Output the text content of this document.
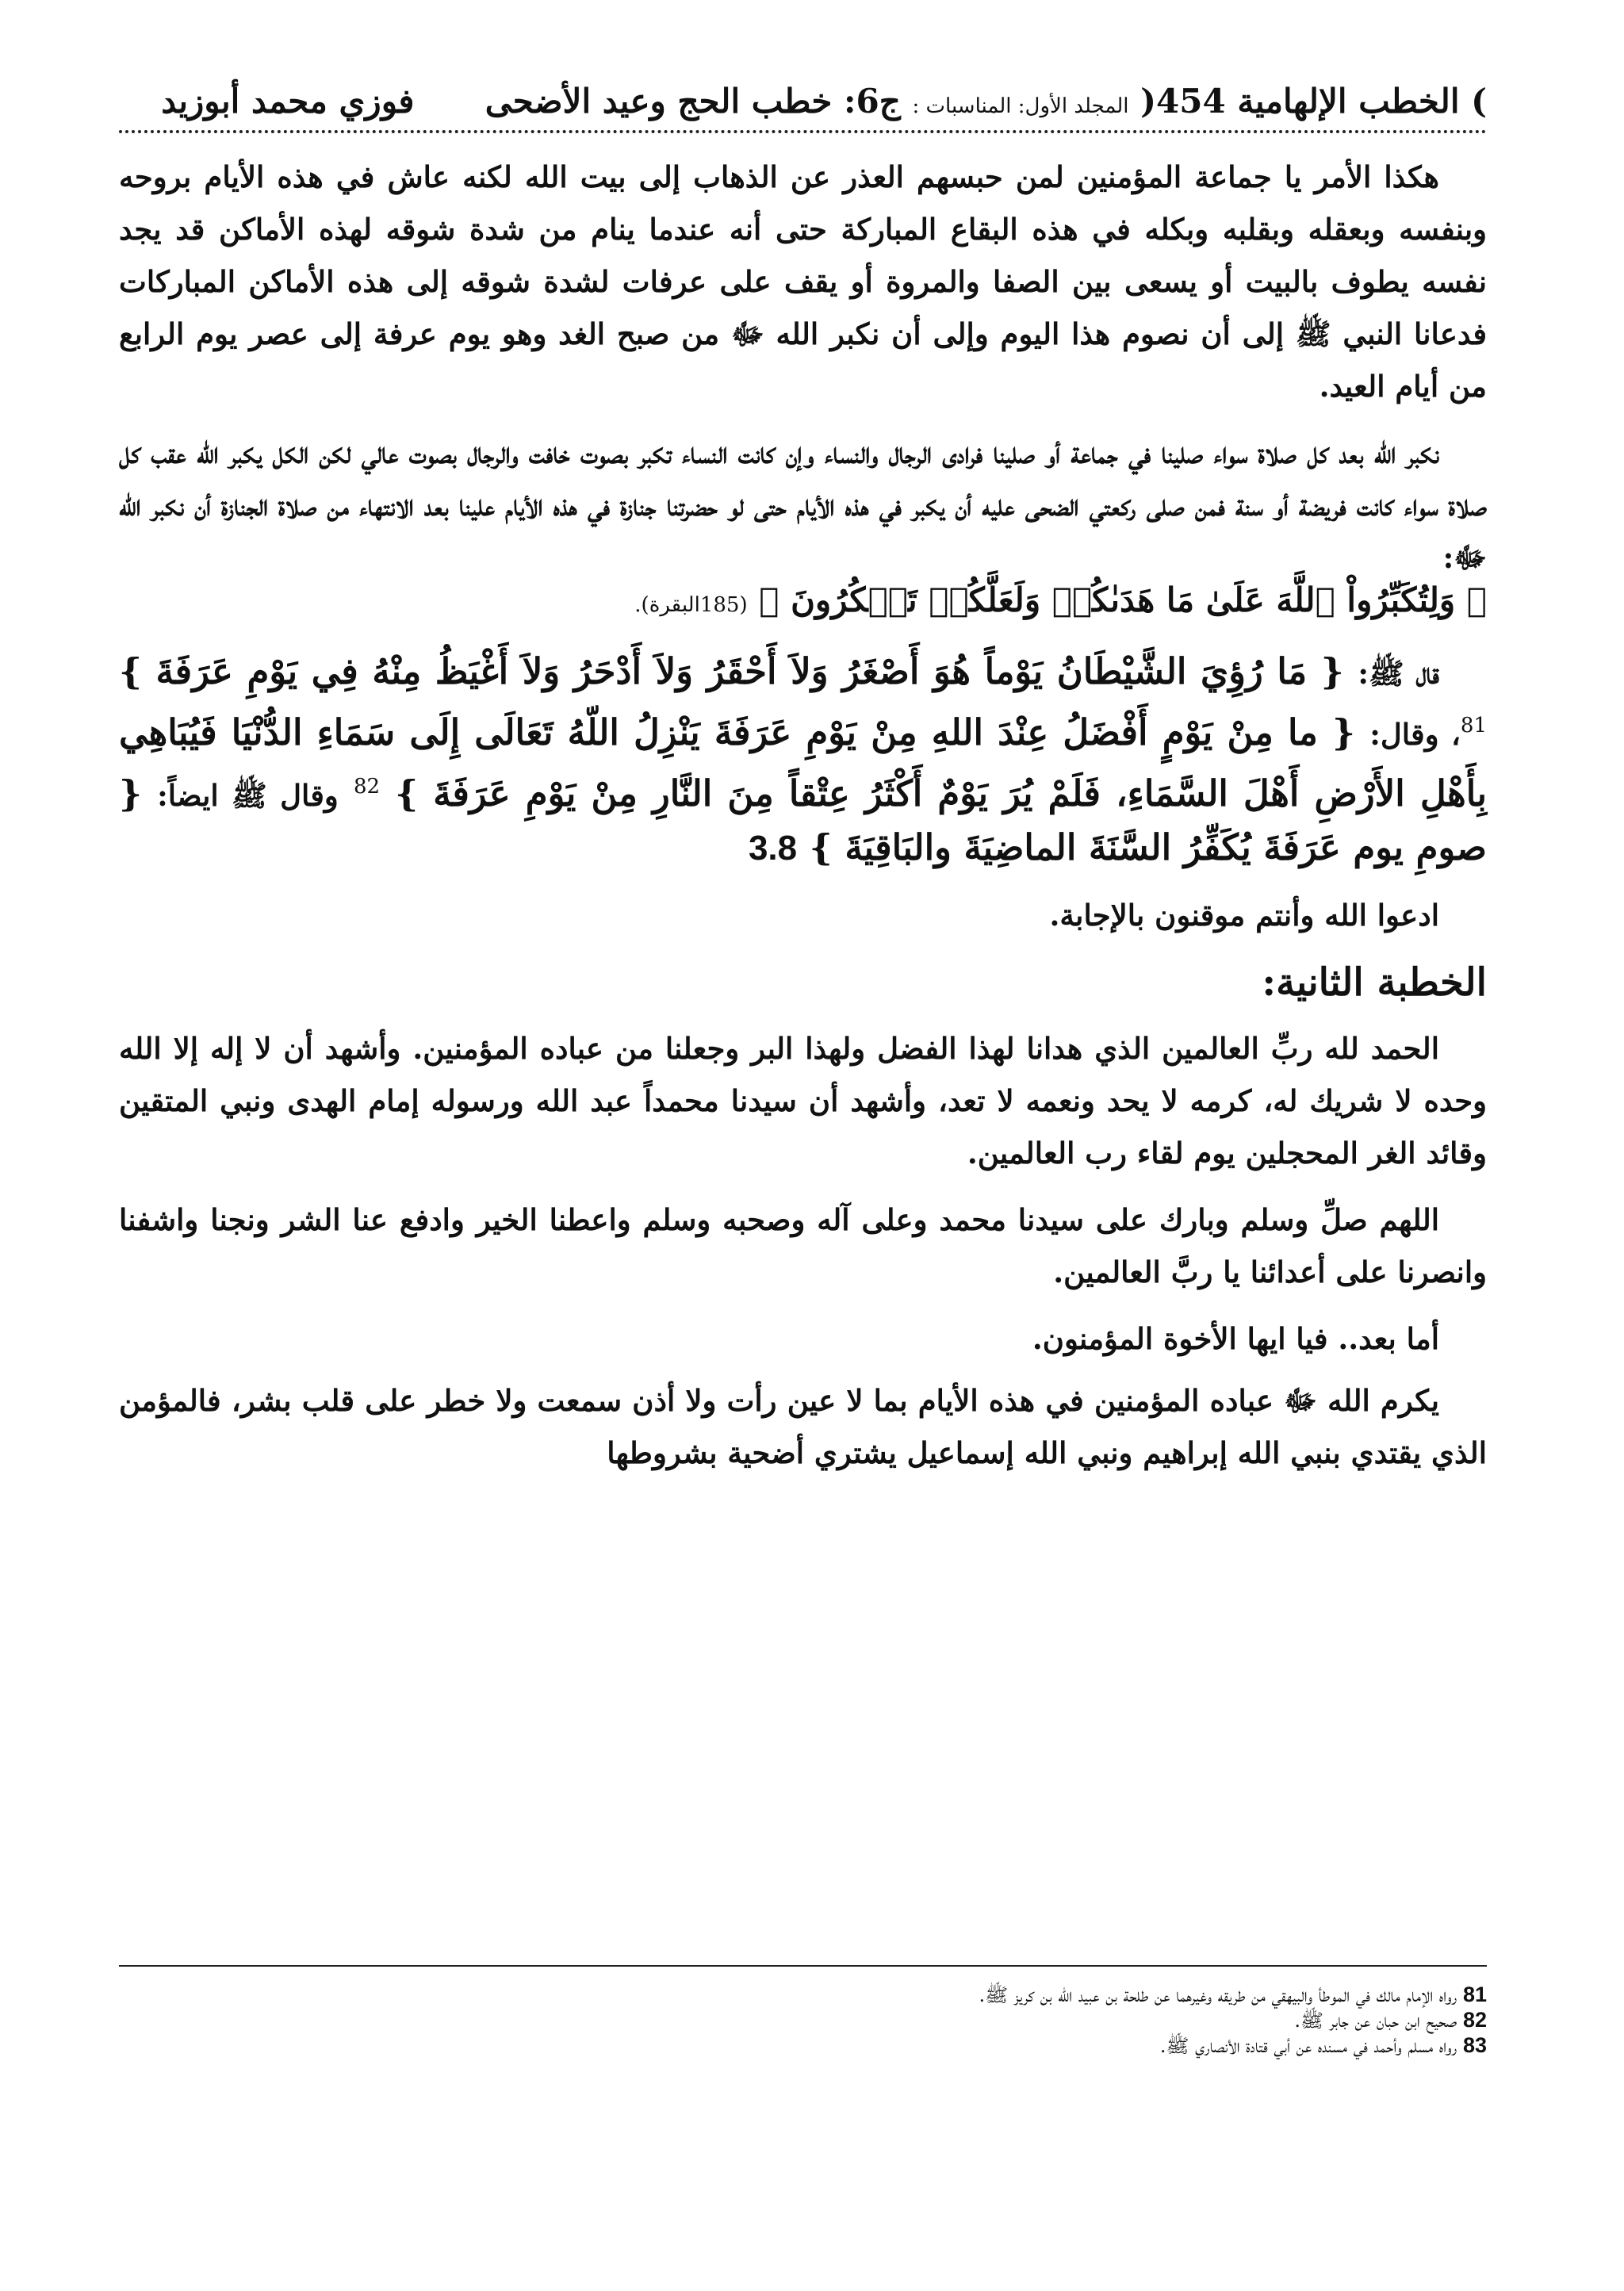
) الخطب الإلهامية 454( المجلد الأول: المناسبات : ج6: خطب الحج وعيد الأضحى  فوزي محمد أبوزيد

هكذا الأمر يا جماعة المؤمنين لمن حبسهم العذر عن الذهاب إلى بيت الله لكنه عاش في هذه الأيام بروحه وبنفسه وبعقله وبقلبه وبكله في هذه البقاع المباركة حتى أنه عندما ينام من شدة شوقه لهذه الأماكن قد يجد نفسه يطوف بالبيت أو يسعى بين الصفا والمروة أو يقف على عرفات لشدة شوقه إلى هذه الأماكن المباركات فدعانا النبي ﷺ إلى أن نصوم هذا اليوم وإلى أن نكبر الله ﷻ من صبح الغد وهو يوم عرفة إلى عصر يوم الرابع من أيام العيد.

نكبر الله بعد كل صلاة سواء صلينا في جماعة أو صلينا فرادى الرجال والنساء وإن كانت النساء تكبر بصوت خافت والرجال بصوت عالي لكن الكل يكبر الله عقب كل صلاة سواء كانت فريضة أو سنة فمن صلى ركعتي الضحى عليه أن يكبر في هذه الأيام حتى لو حضرتنا جنازة في هذه الأيام علينا بعد الانتهاء من صلاة الجنازة أن نكبر الله ﷻ:

﴿ وَلِتُكَبِّرُواْ ٱللَّهَ عَلَىٰ مَا هَدَىٰكُمۡ وَلَعَلَّكُمۡ تَشۡكُرُونَ ﴾ (185البقرة).

قال ﷺ: { مَا رُؤِيَ الشَّيْطَانُ يَوْماً هُوَ أَصْغَرُ وَلاَ أَحْقَرُ وَلاَ أَدْحَرُ وَلاَ أَغْيَظُ مِنْهُ فِي يَوْمِ عَرَفَةَ } $^{81}$، وقال: { ما مِنْ يَوْمٍ أَفْضَلُ عِنْدَ اللهِ مِنْ يَوْمِ عَرَفَةَ يَنْزِلُ اللّهُ تَعَالَى إِلَى سَمَاءِ الدُّنْيَا فَيُبَاهِي بِأَهْلِ الأَرْضِ أَهْلَ السَّمَاءِ، فَلَمْ يُرَ يَوْمٌ أَكْثَرُ عِتْقاً مِنَ النَّارِ مِنْ يَوْمِ عَرَفَةَ } $^{82}$ وقال ﷺ ايضاً: { صومِ يوم عَرَفَةَ يُكَفِّرُ السَّنَةَ الماضِيَةَ والبَاقِيَةَ } 3.8

ادعوا الله وأنتم موقنون بالإجابة.

الخطبة الثانية:

الحمد لله ربِّ العالمين الذي هدانا لهذا الفضل ولهذا البر وجعلنا من عباده المؤمنين. وأشهد أن لا إله إلا الله وحده لا شريك له، كرمه لا يحد ونعمه لا تعد، وأشهد أن سيدنا محمداً عبد الله ورسوله إمام الهدى ونبي المتقين وقائد الغر المحجلين يوم لقاء رب العالمين.

اللهم صلِّ وسلم وبارك على سيدنا محمد وعلى آله وصحبه وسلم واعطنا الخير وادفع عنا الشر ونجنا واشفنا وانصرنا على أعدائنا يا ربَّ العالمين.

أما بعد.. فيا ايها الأخوة المؤمنون.

يكرم الله ﷻ عباده المؤمنين في هذه الأيام بما لا عين رأت ولا أذن سمعت ولا خطر على قلب بشر، فالمؤمن الذي يقتدي بنبي الله إبراهيم ونبي الله إسماعيل يشتري أضحية بشروطها

81 رواه الإمام مالك في الموطأ والبيهقي من طريقه وغيرهما عن طلحة بن عبيد الله بن كريز ﷺ.

82 صحيح ابن حبان عن جابر ﷺ.

83 رواه مسلم وأحمد في مسنده عن أبي قتادة الأنصاري ﷺ.
